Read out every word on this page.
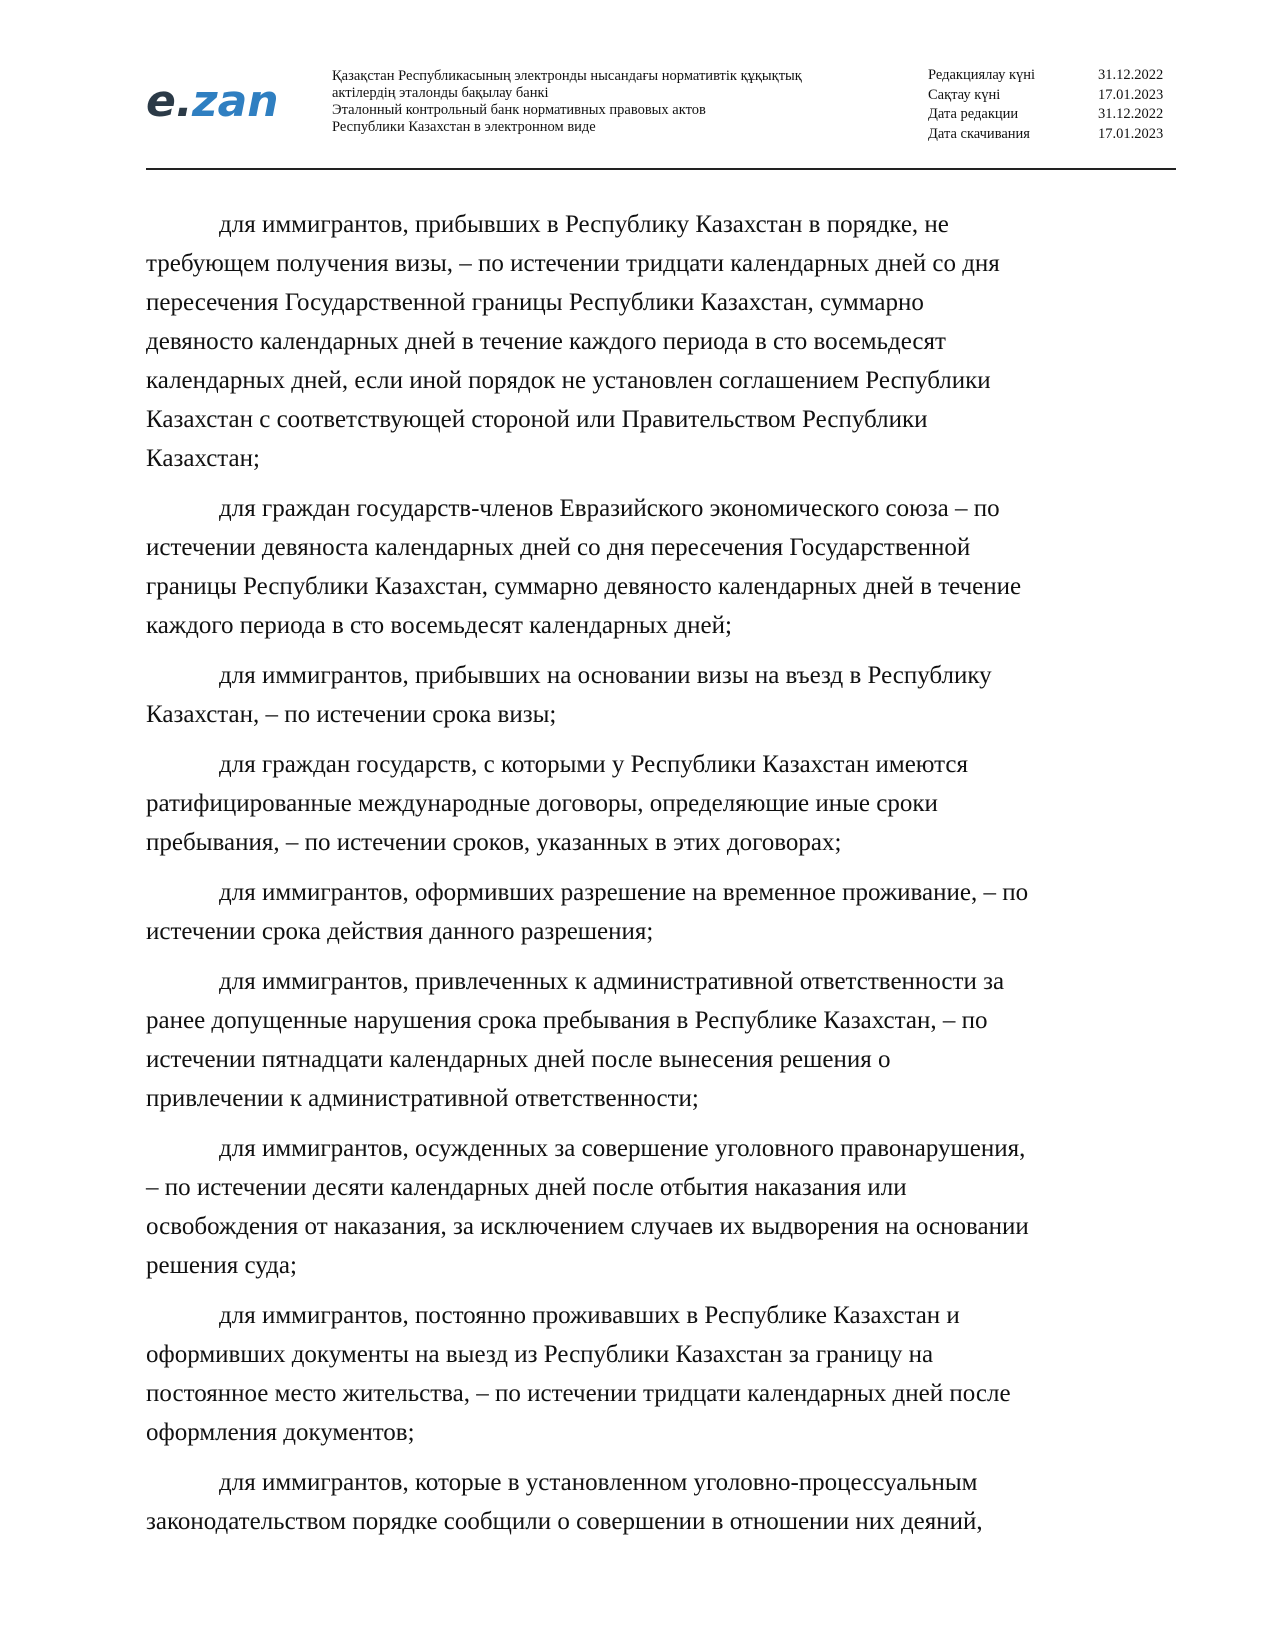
e. zan	Қазақстан Республикасының электронды нысандағы нормативтік құқықтық
актілердің эталонды бақылау банкі
Эталонный контрольный банк нормативных правовых актов
Республики Казахстан в электронном виде
Редакциялау күні	31.12.2022
Сақтау күні	17.01.2023
Дата редакции	31.12.2022
Дата скачивания	17.01.2023
для иммигрантов, прибывших в Республику Казахстан в порядке, не
требующем получения визы, – по истечении тридцати календарных дней со дня
пересечения Государственной границы Республики Казахстан, суммарно
девяносто календарных дней в течение каждого периода в сто восемьдесят
календарных дней, если иной порядок не установлен соглашением Республики
Казахстан с соответствующей стороной или Правительством Республики
Казахстан;
для граждан государств-членов Евразийского экономического союза – по
истечении девяноста календарных дней со дня пересечения Государственной
границы Республики Казахстан, суммарно девяносто календарных дней в течение
каждого периода в сто восемьдесят календарных дней;
для иммигрантов, прибывших на основании визы на въезд в Республику
Казахстан, – по истечении срока визы;
для граждан государств, с которыми у Республики Казахстан имеются
ратифицированные международные договоры, определяющие иные сроки
пребывания, – по истечении сроков, указанных в этих договорах;
для иммигрантов, оформивших разрешение на временное проживание, – по
истечении срока действия данного разрешения;
для иммигрантов, привлеченных к административной ответственности за
ранее допущенные нарушения срока пребывания в Республике Казахстан, – по
истечении пятнадцати календарных дней после вынесения решения о
привлечении к административной ответственности;
для иммигрантов, осужденных за совершение уголовного правонарушения,
– по истечении десяти календарных дней после отбытия наказания или
освобождения от наказания, за исключением случаев их выдворения на основании
решения суда;
для иммигрантов, постоянно проживавших в Республике Казахстан и
оформивших документы на выезд из Республики Казахстан за границу на
постоянное место жительства, – по истечении тридцати календарных дней после
оформления документов;
для иммигрантов, которые в установленном уголовно-процессуальным
законодательством порядке сообщили о совершении в отношении них деяний,
